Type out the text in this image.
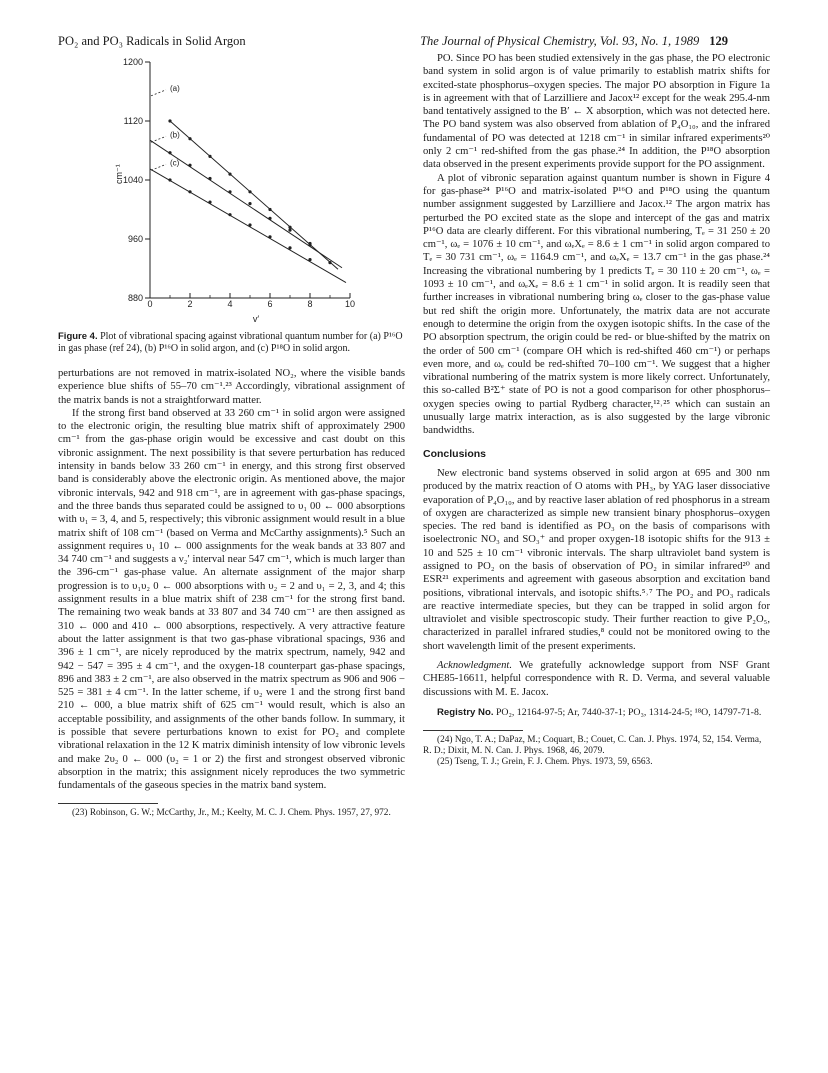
PO₂ and PO₃ Radicals in Solid Argon	The Journal of Physical Chemistry, Vol. 93, No. 1, 1989 129
880
960
1040
1120
1200
0	2	4	6	8	10
cm⁻¹
v′
(a)
(b)
(c)
Figure 4. Plot of vibrational spacing against vibrational quantum number for (a) P¹⁶O in gas phase (ref 24), (b) P¹⁶O in solid argon, and (c) P¹⁸O in solid argon.

perturbations are not removed in matrix-isolated NO₂, where the visible bands experience blue shifts of 55–70 cm⁻¹.²³ Accordingly, vibrational assignment of the matrix bands is not a straightforward matter.

If the strong first band observed at 33 260 cm⁻¹ in solid argon were assigned to the electronic origin, the resulting blue matrix shift of approximately 2900 cm⁻¹ from the gas-phase origin would be excessive and cast doubt on this vibronic assignment. The next possibility is that severe perturbation has reduced intensity in bands below 33 260 cm⁻¹ in energy, and this strong first observed band is considerably above the electronic origin. As mentioned above, the major vibronic intervals, 942 and 918 cm⁻¹, are in agreement with gas-phase spacings, and the three bands thus separated could be assigned to υ₁ 00 ← 000 absorptions with υ₁ = 3, 4, and 5, respectively; this vibronic assignment would result in a blue matrix shift of 108 cm⁻¹ (based on Verma and McCarthy assignments).⁵ Such an assignment requires υ₁ 10 ← 000 assignments for the weak bands at 33 807 and 34 740 cm⁻¹ and suggests a ν₂′ interval near 547 cm⁻¹, which is much larger than the 396-cm⁻¹ gas-phase value. An alternate assignment of the major sharp progression is to υ₁υ₂ 0 ← 000 absorptions with υ₂ = 2 and υ₁ = 2, 3, and 4; this assignment results in a blue matrix shift of 238 cm⁻¹ for the strong first band. The remaining two weak bands at 33 807 and 34 740 cm⁻¹ are then assigned as 310 ← 000 and 410 ← 000 absorptions, respectively. A very attractive feature about the latter assignment is that two gas-phase vibrational spacings, 936 and 396 ± 1 cm⁻¹, are nicely reproduced by the matrix spectrum, namely, 942 and 942 − 547 = 395 ± 4 cm⁻¹, and the oxygen-18 counterpart gas-phase spacings, 896 and 383 ± 2 cm⁻¹, are also observed in the matrix spectrum as 906 and 906 − 525 = 381 ± 4 cm⁻¹. In the latter scheme, if υ₂ were 1 and the strong first band 210 ← 000, a blue matrix shift of 625 cm⁻¹ would result, which is also an acceptable possibility, and assignments of the other bands follow. In summary, it is possible that severe perturbations known to exist for PO₂ and complete vibrational relaxation in the 12 K matrix diminish intensity of low vibronic levels and make 2υ₂ 0 ← 000 (υ₂ = 1 or 2) the first and strongest observed vibronic absorption in the matrix; this assignment nicely reproduces the two symmetric fundamentals of the gaseous species in the matrix band system.

(23) Robinson, G. W.; McCarthy, Jr., M.; Keelty, M. C. J. Chem. Phys. 1957, 27, 972.

PO. Since PO has been studied extensively in the gas phase, the PO electronic band system in solid argon is of value primarily to establish matrix shifts for excited-state phosphorus–oxygen species. The major PO absorption in Figure 1a is in agreement with that of Larzilliere and Jacox¹² except for the weak 295.4-nm band tentatively assigned to the B′ ← X absorption, which was not detected here. The PO band system was also observed from ablation of P₄O₁₀, and the infrared fundamental of PO was detected at 1218 cm⁻¹ in similar infrared experiments²⁰ only 2 cm⁻¹ red-shifted from the gas phase.²⁴ In addition, the P¹⁸O absorption data observed in the present experiments provide support for the PO assignment.

A plot of vibronic separation against quantum number is shown in Figure 4 for gas-phase²⁴ P¹⁶O and matrix-isolated P¹⁶O and P¹⁸O using the quantum number assignment suggested by Larzilliere and Jacox.¹² The argon matrix has perturbed the PO excited state as the slope and intercept of the gas and matrix P¹⁶O data are clearly different. For this vibrational numbering, Tₑ = 31 250 ± 20 cm⁻¹, ωₑ = 1076 ± 10 cm⁻¹, and ωₑXₑ = 8.6 ± 1 cm⁻¹ in solid argon compared to Tₑ = 30 731 cm⁻¹, ωₑ = 1164.9 cm⁻¹, and ωₑXₑ = 13.7 cm⁻¹ in the gas phase.²⁴ Increasing the vibrational numbering by 1 predicts Tₑ = 30 110 ± 20 cm⁻¹, ωₑ = 1093 ± 10 cm⁻¹, and ωₑXₑ = 8.6 ± 1 cm⁻¹ in solid argon. It is readily seen that further increases in vibrational numbering bring ωₑ closer to the gas-phase value but red shift the origin more. Unfortunately, the matrix data are not accurate enough to determine the origin from the oxygen isotopic shifts. In the case of the PO absorption spectrum, the origin could be red- or blue-shifted by the matrix on the order of 500 cm⁻¹ (compare OH which is red-shifted 460 cm⁻¹) or perhaps even more, and ωₑ could be red-shifted 70–100 cm⁻¹. We suggest that a higher vibrational numbering of the matrix system is more likely correct. Unfortunately, this so-called B²Σ⁺ state of PO is not a good comparison for other phosphorus–oxygen species owing to partial Rydberg character,¹²˒²⁵ which can sustain an unusually large matrix interaction, as is also suggested by the large vibronic bandwidths.

Conclusions

New electronic band systems observed in solid argon at 695 and 300 nm produced by the matrix reaction of O atoms with PH₃, by YAG laser dissociative evaporation of P₄O₁₀, and by reactive laser ablation of red phosphorus in a stream of oxygen are characterized as simple new transient binary phosphorus–oxygen species. The red band is identified as PO₃ on the basis of comparisons with isoelectronic NO₃ and SO₃⁺ and proper oxygen-18 isotopic shifts for the 913 ± 10 and 525 ± 10 cm⁻¹ vibronic intervals. The sharp ultraviolet band system is assigned to PO₂ on the basis of observation of PO₂ in similar infrared²⁰ and ESR²¹ experiments and agreement with gaseous absorption and excitation band positions, vibrational intervals, and isotopic shifts.⁵˒⁷ The PO₂ and PO₃ radicals are reactive intermediate species, but they can be trapped in solid argon for ultraviolet and visible spectroscopic study. Their further reaction to give P₂O₅, characterized in parallel infrared studies,⁸ could not be monitored owing to the short wavelength limit of the present experiments.

Acknowledgment. We gratefully acknowledge support from NSF Grant CHE85-16611, helpful correspondence with R. D. Verma, and several valuable discussions with M. E. Jacox.

Registry No. PO₂, 12164-97-5; Ar, 7440-37-1; PO₃, 1314-24-5; ¹⁸O, 14797-71-8.
(24) Ngo, T. A.; DaPaz, M.; Coquart, B.; Couet, C. Can. J. Phys. 1974, 52, 154. Verma, R. D.; Dixit, M. N. Can. J. Phys. 1968, 46, 2079.
(25) Tseng, T. J.; Grein, F. J. Chem. Phys. 1973, 59, 6563.
